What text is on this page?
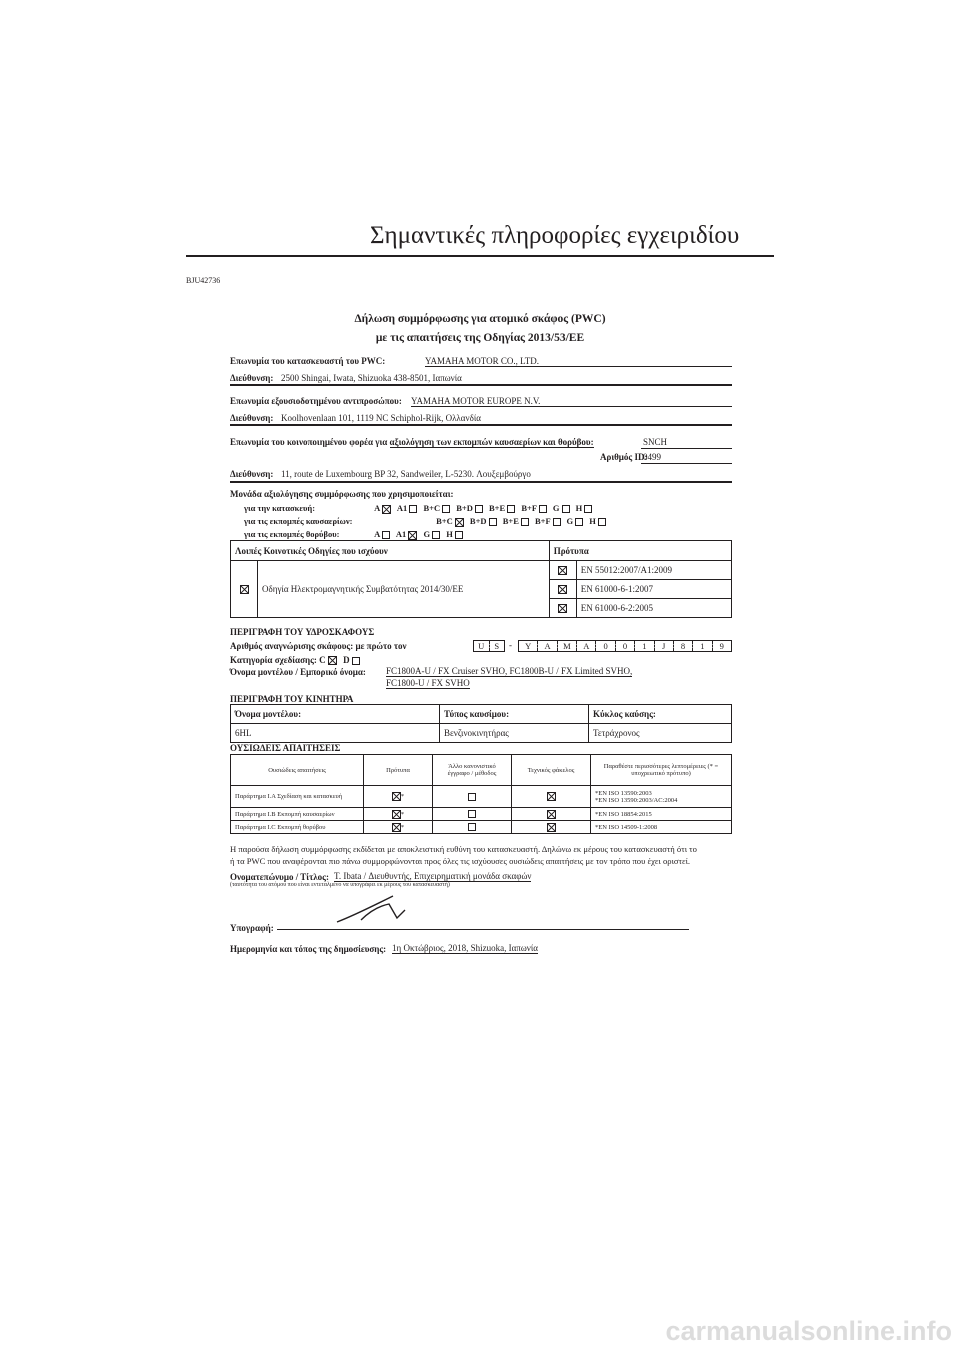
Σημαντικές πληροφορίες εγχειριδίου
BJU42736
Δήλωση συμμόρφωσης για ατομικό σκάφος (PWC)
με τις απαιτήσεις της Οδηγίας 2013/53/ΕΕ
Επωνυμία του κατασκευαστή του PWC:	YAMAHA MOTOR CO., LTD.
Διεύθυνση: 2500 Shingai, Iwata, Shizuoka 438-8501, Ιαπωνία
Επωνυμία εξουσιοδοτημένου αντιπροσώπου: YAMAHA MOTOR EUROPE N.V.
Διεύθυνση: Koolhovenlaan 101, 1119 NC Schiphol-Rijk, Ολλανδία
Επωνυμία του κοινοποιημένου φορέα για αξιολόγηση των εκπομπών καυσαερίων και θορύβου:	SNCH
Αριθμός ID:
0499
Διεύθυνση: 11, route de Luxembourg BP 32, Sandweiler, L-5230. Λουξεμβούργο
Μονάδα αξιολόγησης συμμόρφωσης που χρησιμοποιείται:
για την κατασκευή:	A
A1 B+C B+D B+E B+F G H
για τις εκπομπές καυσαερίων:	B+C
B+D B+E B+F G H
για τις εκπομπές θορύβου:	A A1
G H
Λοιπές Κοινοτικές Οδηγίες που ισχύουν		Πρότυπα	

	Οδηγία Ηλεκτρομαγνητικής Συμβατότητας 2014/30/ΕΕ		EN 55012:2007/A1:2009

	EN 61000-6-1:2007

	EN 61000-6-2:2005
ΠΕΡΙΓΡΑΦΗ ΤΟΥ ΥΔΡΟΣΚΑΦΟΥΣ
Αριθμός αναγνώρισης σκάφους: με πρώτο τον	U	S	-	Y	A	M	A	0	0	1	J	8	1	9
Κατηγορία σχεδίασης: C D
Όνομα μοντέλου / Εμπορικό όνομα: FC1800A-U / FX Cruiser SVHO, FC1800B-U / FX Limited SVHO,
FC1800-U / FX SVHO
ΠΕΡΙΓΡΑΦΗ ΤΟΥ ΚΙΝΗΤΗΡΑ
Όνομα μοντέλου:	Τύπος καυσίμου:	Κύκλος καύσης:
6HL	Βενζινοκινητήρας	Τετράχρονος
ΟΥΣΙΩΔΕΙΣ ΑΠΑΙΤΗΣΕΙΣ
Ουσιώδεις απαιτήσεις	Πρότυπα	Άλλο κανονιστικό έγγραφο / μέθοδος	Τεχνικός φάκελος	Παραθέστε περισσότερες λεπτομέρειες (* = υποχρεωτικό πρότυπο)
Παράρτημα I.A Σχεδίαση και κατασκευή	*			*EN ISO 13590:2003
*EN ISO 13590:2003/AC:2004

Παράρτημα I.B Εκπομπή καυσαερίων	*			*EN ISO 18854:2015
Παράρτημα I.C Εκπομπή θορύβου	*			*EN ISO 14509-1:2008
Η παρούσα δήλωση συμμόρφωσης εκδίδεται με αποκλειστική ευθύνη του κατασκευαστή. Δηλώνω εκ μέρους του κατασκευαστή ότι το
ή τα PWC που αναφέρονται πιο πάνω συμμορφώνονται προς όλες τις ισχύουσες ουσιώδεις απαιτήσεις με τον τρόπο που έχει οριστεί.
Ονοματεπώνυμο / Τίτλος: T. Ibata / Διευθυντής, Επιχειρηματική μονάδα σκαφών
(ταυτότητα του ατόμου που είναι εντεταλμένο να υπογράφει εκ μέρους του κατασκευαστή)
Υπογραφή:
Ημερομηνία και τόπος της δημοσίευσης: 1η Οκτώβριος, 2018, Shizuoka, Ιαπωνία
carmanualsonline.info
